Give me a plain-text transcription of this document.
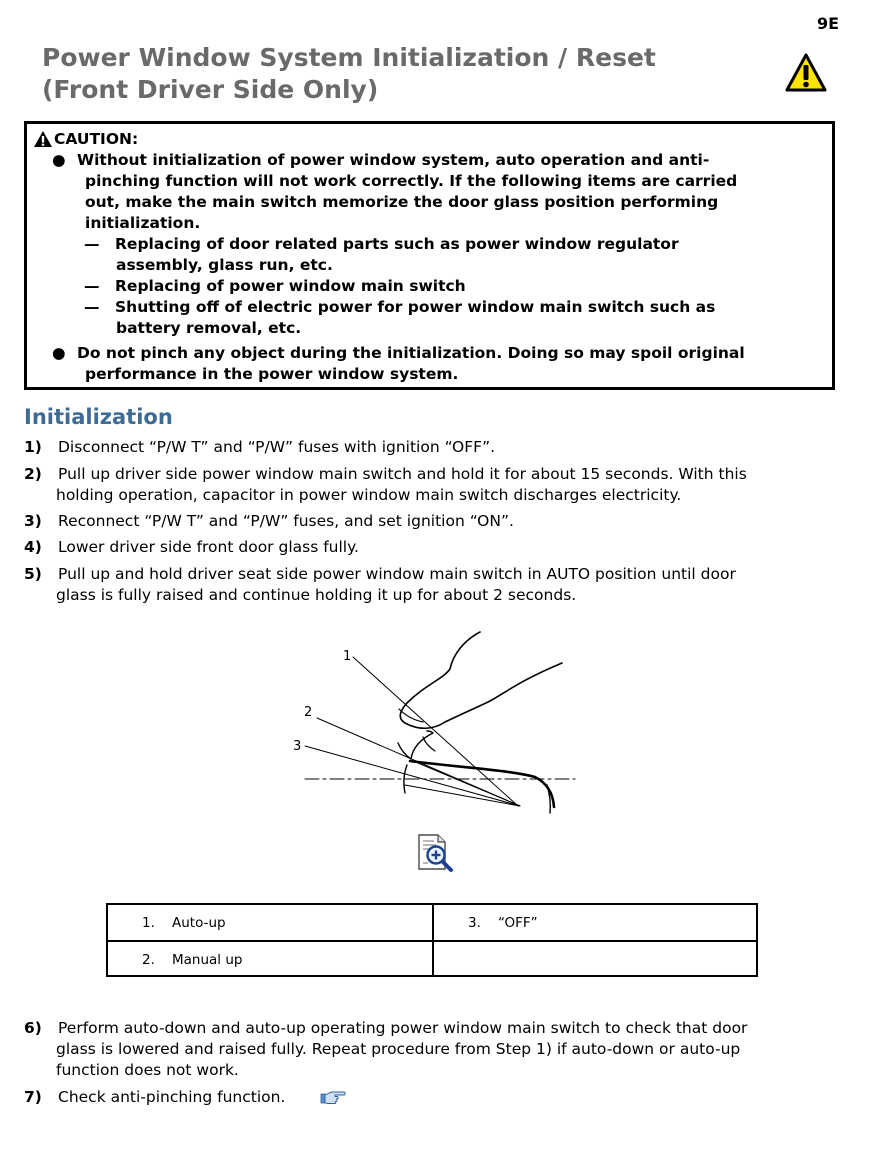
9E
Power Window System Initialization / Reset
(Front Driver Side Only)
CAUTION:
● Without initialization of power window system, auto operation and anti-
pinching function will not work correctly. If the following items are carried
out, make the main switch memorize the door glass position performing
initialization.
— Replacing of door related parts such as power window regulator
assembly, glass run, etc.
— Replacing of power window main switch
— Shutting off of electric power for power window main switch such as
battery removal, etc.
● Do not pinch any object during the initialization. Doing so may spoil original
performance in the power window system.
Initialization
1) Disconnect “P/W T” and “P/W” fuses with ignition “OFF”.
2) Pull up driver side power window main switch and hold it for about 15 seconds. With this
holding operation, capacitor in power window main switch discharges electricity.
3) Reconnect “P/W T” and “P/W” fuses, and set ignition “ON”.
4) Lower driver side front door glass fully.
5) Pull up and hold driver seat side power window main switch in AUTO position until door
glass is fully raised and continue holding it up for about 2 seconds.
1
2
3
1. Auto-up	3. “OFF”
2. Manual up
6) Perform auto-down and auto-up operating power window main switch to check that door
glass is lowered and raised fully. Repeat procedure from Step 1) if auto-down or auto-up
function does not work.
7) Check anti-pinching function.
